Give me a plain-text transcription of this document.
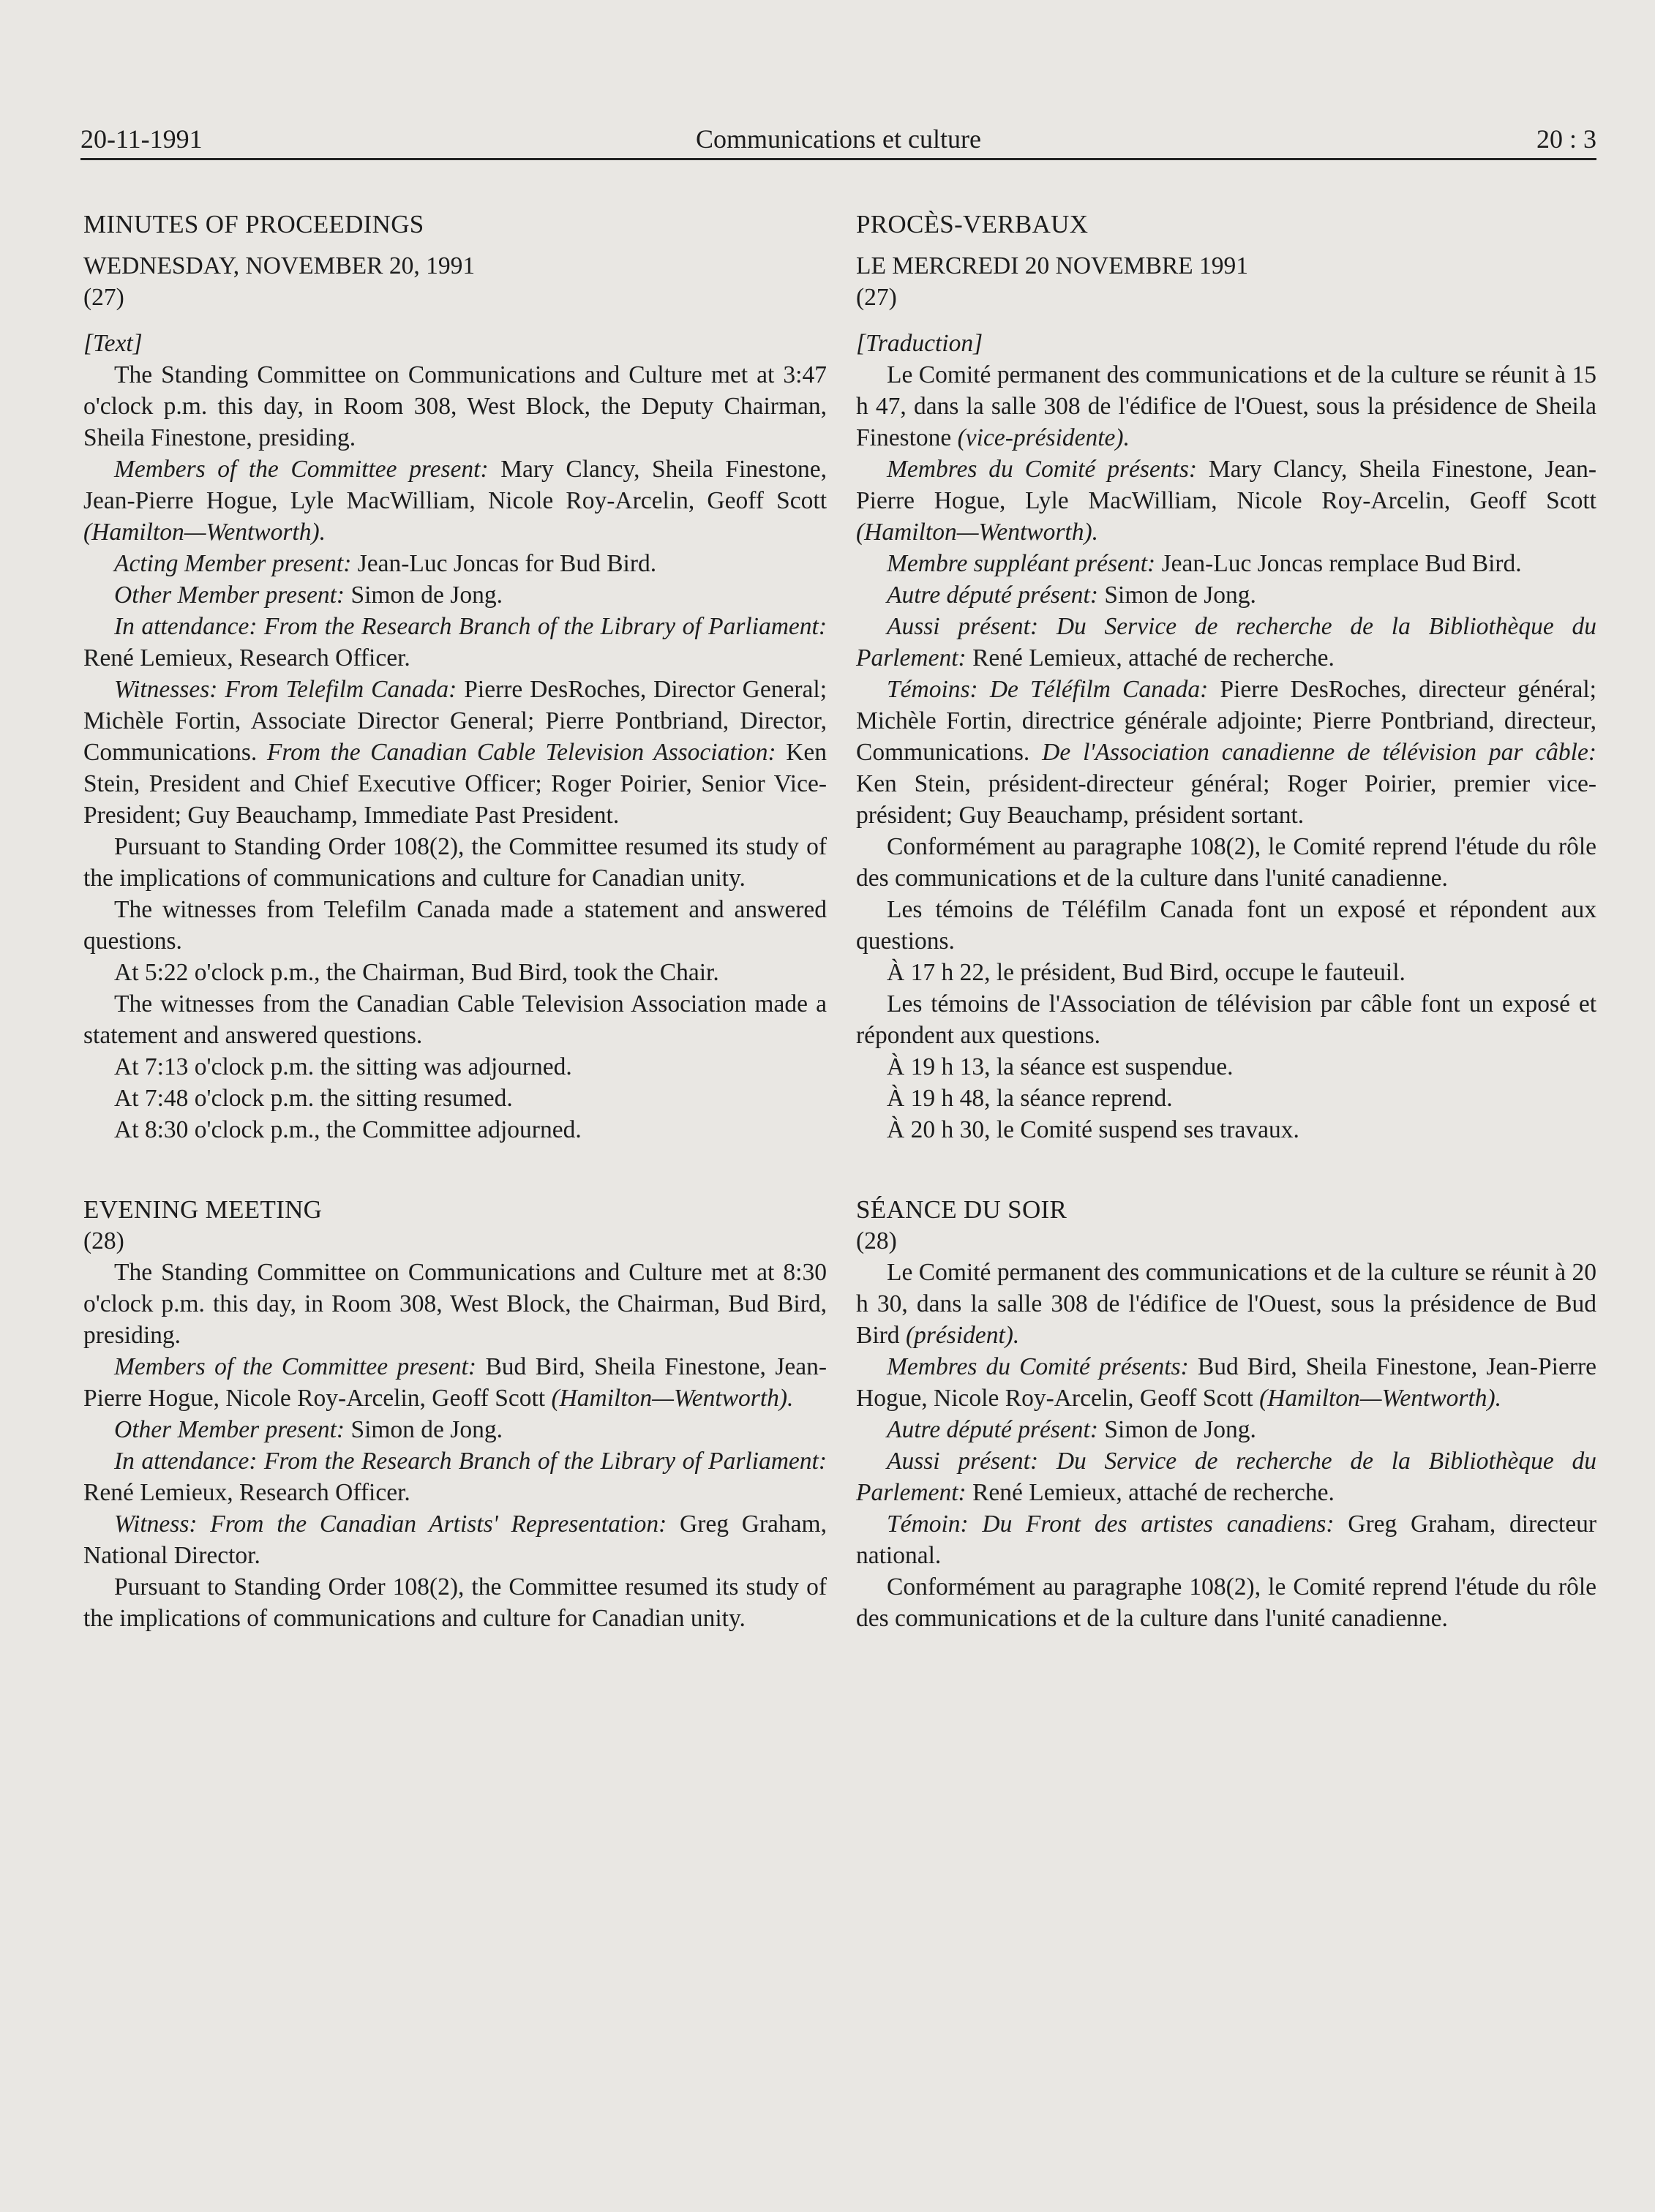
20-11-1991	Communications et culture	20 : 3
MINUTES OF PROCEEDINGS
WEDNESDAY, NOVEMBER 20, 1991
(27)
[Text]

The Standing Committee on Communications and Culture met at 3:47 o'clock p.m. this day, in Room 308, West Block, the Deputy Chairman, Sheila Finestone, presiding.

Members of the Committee present: Mary Clancy, Sheila Finestone, Jean-Pierre Hogue, Lyle MacWilliam, Nicole Roy-Arcelin, Geoff Scott (Hamilton—Wentworth).

Acting Member present: Jean-Luc Joncas for Bud Bird.

Other Member present: Simon de Jong.

In attendance: From the Research Branch of the Library of Parliament: René Lemieux, Research Officer.

Witnesses: From Telefilm Canada: Pierre DesRoches, Director General; Michèle Fortin, Associate Director General; Pierre Pontbriand, Director, Communications. From the Canadian Cable Television Association: Ken Stein, President and Chief Executive Officer; Roger Poirier, Senior Vice-President; Guy Beauchamp, Immediate Past President.

Pursuant to Standing Order 108(2), the Committee resumed its study of the implications of communications and culture for Canadian unity.

The witnesses from Telefilm Canada made a statement and answered questions.

At 5:22 o'clock p.m., the Chairman, Bud Bird, took the Chair.

The witnesses from the Canadian Cable Television Association made a statement and answered questions.

At 7:13 o'clock p.m. the sitting was adjourned.

At 7:48 o'clock p.m. the sitting resumed.

At 8:30 o'clock p.m., the Committee adjourned.

EVENING MEETING
(28)

The Standing Committee on Communications and Culture met at 8:30 o'clock p.m. this day, in Room 308, West Block, the Chairman, Bud Bird, presiding.

Members of the Committee present: Bud Bird, Sheila Finestone, Jean-Pierre Hogue, Nicole Roy-Arcelin, Geoff Scott (Hamilton—Wentworth).

Other Member present: Simon de Jong.

In attendance: From the Research Branch of the Library of Parliament: René Lemieux, Research Officer.

Witness: From the Canadian Artists' Representation: Greg Graham, National Director.

Pursuant to Standing Order 108(2), the Committee resumed its study of the implications of communications and culture for Canadian unity.

PROCÈS-VERBAUX
LE MERCREDI 20 NOVEMBRE 1991
(27)
[Traduction]

Le Comité permanent des communications et de la culture se réunit à 15 h 47, dans la salle 308 de l'édifice de l'Ouest, sous la présidence de Sheila Finestone (vice-présidente).

Membres du Comité présents: Mary Clancy, Sheila Finestone, Jean-Pierre Hogue, Lyle MacWilliam, Nicole Roy-Arcelin, Geoff Scott (Hamilton—Wentworth).

Membre suppléant présent: Jean-Luc Joncas remplace Bud Bird.

Autre député présent: Simon de Jong.

Aussi présent: Du Service de recherche de la Bibliothèque du Parlement: René Lemieux, attaché de recherche.

Témoins: De Téléfilm Canada: Pierre DesRoches, directeur général; Michèle Fortin, directrice générale adjointe; Pierre Pontbriand, directeur, Communications. De l'Association canadienne de télévision par câble: Ken Stein, président-directeur général; Roger Poirier, premier vice-président; Guy Beauchamp, président sortant.

Conformément au paragraphe 108(2), le Comité reprend l'étude du rôle des communications et de la culture dans l'unité canadienne.

Les témoins de Téléfilm Canada font un exposé et répondent aux questions.

À 17 h 22, le président, Bud Bird, occupe le fauteuil.

Les témoins de l'Association de télévision par câble font un exposé et répondent aux questions.

À 19 h 13, la séance est suspendue.

À 19 h 48, la séance reprend.

À 20 h 30, le Comité suspend ses travaux.

SÉANCE DU SOIR
(28)

Le Comité permanent des communications et de la culture se réunit à 20 h 30, dans la salle 308 de l'édifice de l'Ouest, sous la présidence de Bud Bird (président).

Membres du Comité présents: Bud Bird, Sheila Finestone, Jean-Pierre Hogue, Nicole Roy-Arcelin, Geoff Scott (Hamilton—Wentworth).

Autre député présent: Simon de Jong.

Aussi présent: Du Service de recherche de la Bibliothèque du Parlement: René Lemieux, attaché de recherche.

Témoin: Du Front des artistes canadiens: Greg Graham, directeur national.

Conformément au paragraphe 108(2), le Comité reprend l'étude du rôle des communications et de la culture dans l'unité canadienne.
